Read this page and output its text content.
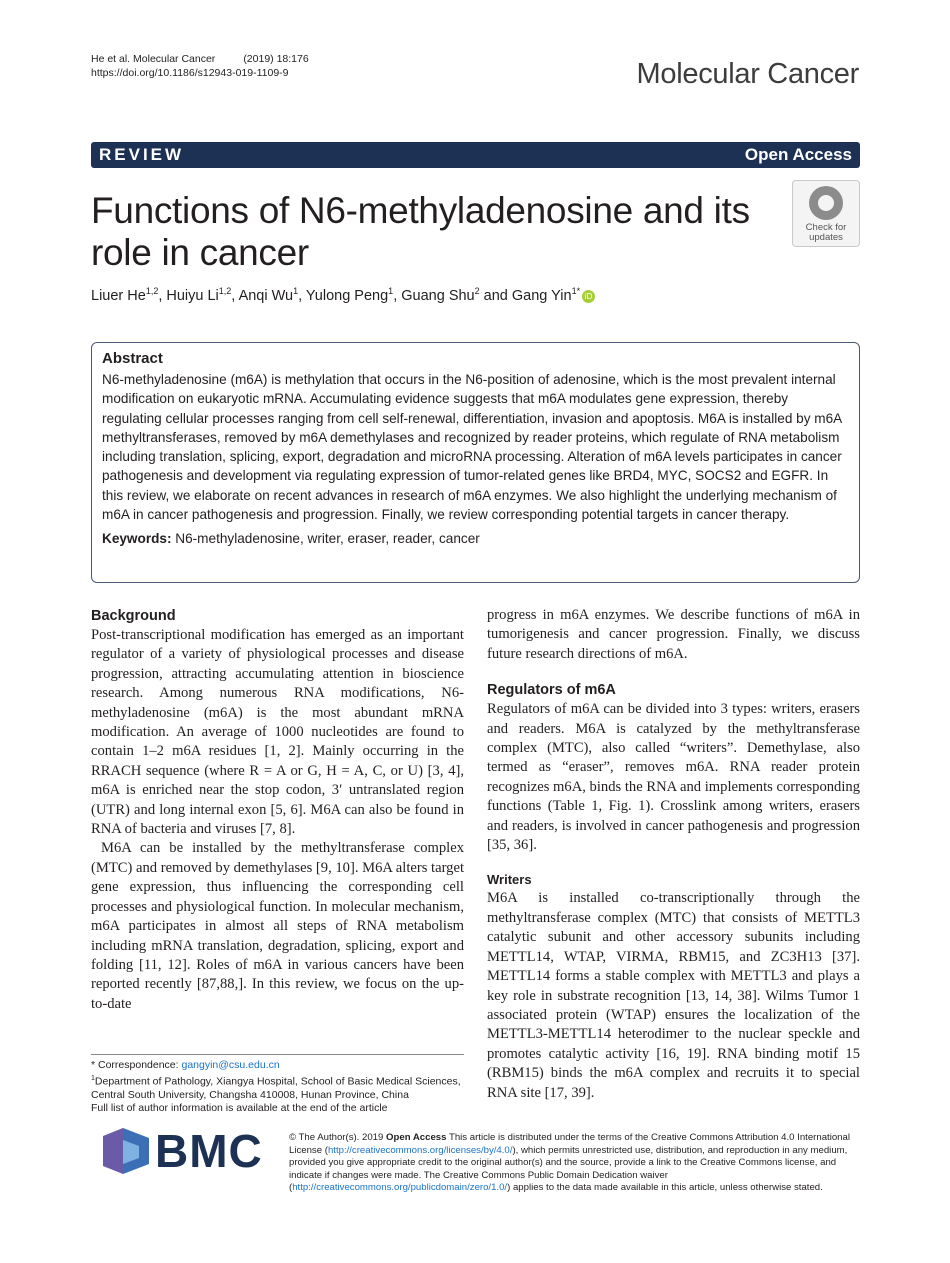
He et al. Molecular Cancer	(2019) 18:176
https://doi.org/10.1186/s12943-019-1109-9	Molecular Cancer
REVIEW	Open Access
Functions of N6-methyladenosine and its role in cancer
Check for
updates
Liuer He$^{1,2}$, Huiyu Li$^{1,2}$, Anqi Wu$^1$, Yulong Peng$^1$, Guang Shu$^2$ and Gang Yin$^{1*}$ iD
Abstract
N6-methyladenosine (m6A) is methylation that occurs in the N6-position of adenosine, which is the most prevalent internal modification on eukaryotic mRNA. Accumulating evidence suggests that m6A modulates gene expression, thereby regulating cellular processes ranging from cell self-renewal, differentiation, invasion and apoptosis. M6A is installed by m6A methyltransferases, removed by m6A demethylases and recognized by reader proteins, which regulate of RNA metabolism including translation, splicing, export, degradation and microRNA processing. Alteration of m6A levels participates in cancer pathogenesis and development via regulating expression of tumor-related genes like BRD4, MYC, SOCS2 and EGFR. In this review, we elaborate on recent advances in research of m6A enzymes. We also highlight the underlying mechanism of m6A in cancer pathogenesis and progression. Finally, we review corresponding potential targets in cancer therapy.
Keywords: N6-methyladenosine, writer, eraser, reader, cancer
Background

Post-transcriptional modification has emerged as an important regulator of a variety of physiological processes and disease progression, attracting accumulating attention in bioscience research. Among numerous RNA modifications, N6-methyladenosine (m6A) is the most abundant mRNA modification. An average of 1000 nucleotides are found to contain 1–2 m6A residues [1, 2]. Mainly occurring in the RRACH sequence (where R = A or G, H = A, C, or U) [3, 4], m6A is enriched near the stop codon, 3′ untranslated region (UTR) and long internal exon [5, 6]. M6A can also be found in RNA of bacteria and viruses [7, 8].

M6A can be installed by the methyltransferase complex (MTC) and removed by demethylases [9, 10]. M6A alters target gene expression, thus influencing the corresponding cell processes and physiological function. In molecular mechanism, m6A participates in almost all steps of RNA metabolism including mRNA translation, degradation, splicing, export and folding [11, 12]. Roles of m6A in various cancers have been reported recently [87,88,]. In this review, we focus on the up-to-date

progress in m6A enzymes. We describe functions of m6A in tumorigenesis and cancer progression. Finally, we discuss future research directions of m6A.

Regulators of m6A

Regulators of m6A can be divided into 3 types: writers, erasers and readers. M6A is catalyzed by the methyltransferase complex (MTC), also called “writers”. Demethylase, also termed as “eraser”, removes m6A. RNA reader protein recognizes m6A, binds the RNA and implements corresponding functions (Table 1, Fig. 1). Crosslink among writers, erasers and readers, is involved in cancer pathogenesis and progression [35, 36].

Writers

M6A is installed co-transcriptionally through the methyltransferase complex (MTC) that consists of METTL3 catalytic subunit and other accessory subunits including METTL14, WTAP, VIRMA, RBM15, and ZC3H13 [37]. METTL14 forms a stable complex with METTL3 and plays a key role in substrate recognition [13, 14, 38]. Wilms Tumor 1 associated protein (WTAP) ensures the localization of the METTL3-METTL14 heterodimer to the nuclear speckle and promotes catalytic activity [16, 19]. RNA binding motif 15 (RBM15) binds the m6A complex and recruits it to special RNA site [17, 39].

* Correspondence: gangyin@csu.edu.cn
$^1$Department of Pathology, Xiangya Hospital, School of Basic Medical Sciences, Central South University, Changsha 410008, Hunan Province, China
Full list of author information is available at the end of the article
BMC	© The Author(s). 2019 Open Access This article is distributed under the terms of the Creative Commons Attribution 4.0 International License (http://creativecommons.org/licenses/by/4.0/), which permits unrestricted use, distribution, and reproduction in any medium, provided you give appropriate credit to the original author(s) and the source, provide a link to the Creative Commons license, and indicate if changes were made. The Creative Commons Public Domain Dedication waiver (http://creativecommons.org/publicdomain/zero/1.0/) applies to the data made available in this article, unless otherwise stated.
